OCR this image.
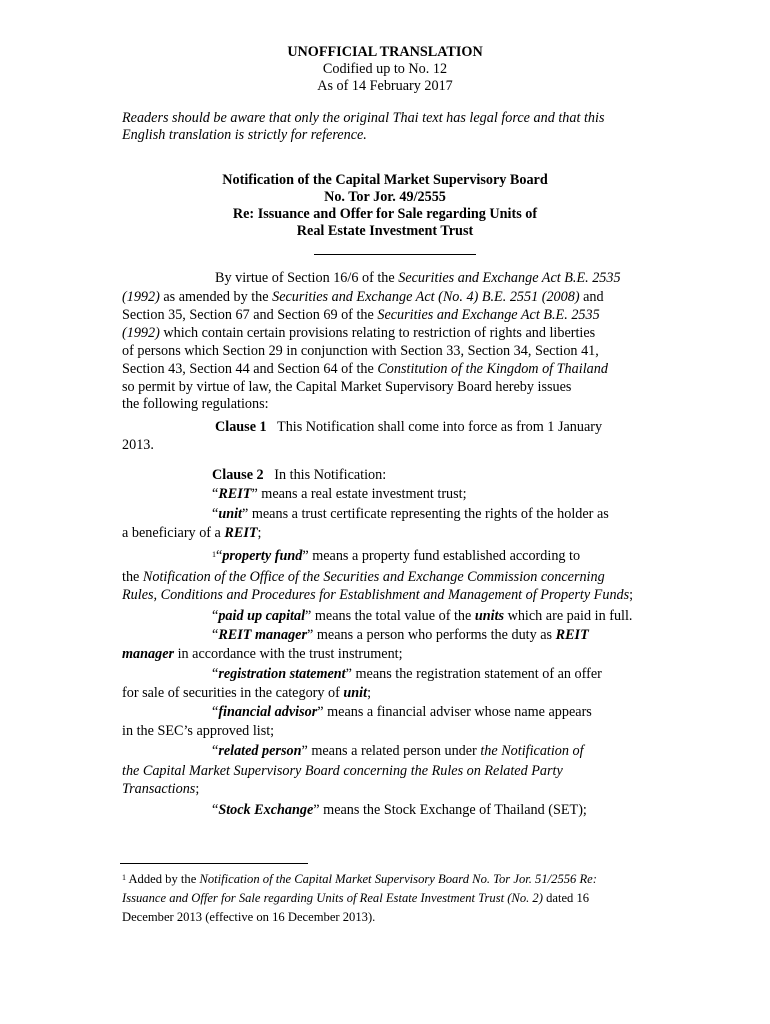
UNOFFICIAL TRANSLATION
Codified up to No. 12
As of 14 February 2017
Readers should be aware that only the original Thai text has legal force and that this
English translation is strictly for reference.
Notification of the Capital Market Supervisory Board
No. Tor Jor. 49/2555
Re: Issuance and Offer for Sale regarding Units of
Real Estate Investment Trust
By virtue of Section 16/6 of the Securities and Exchange Act B.E. 2535
(1992) as amended by the Securities and Exchange Act (No. 4) B.E. 2551 (2008) and
Section 35, Section 67 and Section 69 of the Securities and Exchange Act B.E. 2535
(1992) which contain certain provisions relating to restriction of rights and liberties
of persons which Section 29 in conjunction with Section 33, Section 34, Section 41,
Section 43, Section 44 and Section 64 of the Constitution of the Kingdom of Thailand
so permit by virtue of law, the Capital Market Supervisory Board hereby issues
the following regulations:
Clause 1   This Notification shall come into force as from 1 January
2013.
Clause 2   In this Notification:
“REIT” means a real estate investment trust;
“unit” means a trust certificate representing the rights of the holder as
a beneficiary of a REIT;
$^1$“property fund” means a property fund established according to
the Notification of the Office of the Securities and Exchange Commission concerning
Rules, Conditions and Procedures for Establishment and Management of Property Funds;
“paid up capital” means the total value of the units which are paid in full.
“REIT manager” means a person who performs the duty as REIT
manager in accordance with the trust instrument;
“registration statement” means the registration statement of an offer
for sale of securities in the category of unit;
“financial advisor” means a financial adviser whose name appears
in the SEC’s approved list;
“related person” means a related person under the Notification of
the Capital Market Supervisory Board concerning the Rules on Related Party
Transactions;
“Stock Exchange” means the Stock Exchange of Thailand (SET);
$^1$ Added by the Notification of the Capital Market Supervisory Board No. Tor Jor. 51/2556 Re:
Issuance and Offer for Sale regarding Units of Real Estate Investment Trust (No. 2) dated 16
December 2013 (effective on 16 December 2013).
